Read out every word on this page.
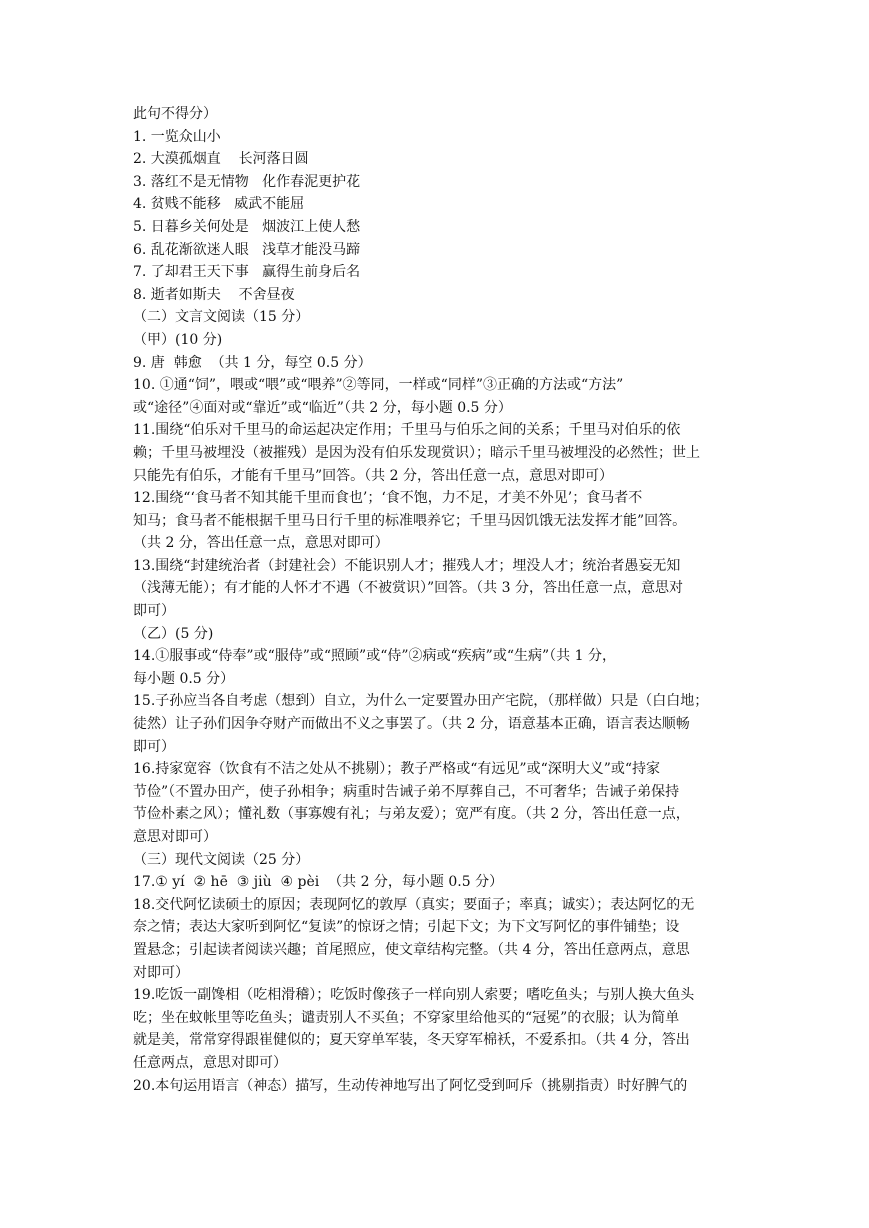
此句不得分）

1. 一览众山小

2. 大漠孤烟直    长河落日圆

3. 落红不是无情物   化作春泥更护花

4. 贫贱不能移   威武不能屈

5. 日暮乡关何处是   烟波江上使人愁

6. 乱花渐欲迷人眼   浅草才能没马蹄

7. 了却君王天下事   赢得生前身后名

8. 逝者如斯夫    不舍昼夜

（二）文言文阅读（15 分）

（甲）(10 分)

9. 唐  韩愈  （共 1 分，每空 0.5 分）

10. ①通“饲”，喂或“喂”或“喂养”②等同，一样或“同样”③正确的方法或“方法”

或“途径”④面对或“靠近”或“临近”（共 2 分，每小题 0.5 分）

11.围绕“伯乐对千里马的命运起决定作用；千里马与伯乐之间的关系；千里马对伯乐的依

赖；千里马被埋没（被摧残）是因为没有伯乐发现赏识）；暗示千里马被埋没的必然性；世上

只能先有伯乐，才能有千里马”回答。（共 2 分，答出任意一点，意思对即可）

12.围绕“‘食马者不知其能千里而食也’；‘食不饱，力不足，才美不外见’；食马者不

知马；食马者不能根据千里马日行千里的标准喂养它；千里马因饥饿无法发挥才能”回答。

（共 2 分，答出任意一点，意思对即可）

13.围绕“封建统治者（封建社会）不能识别人才；摧残人才；埋没人才；统治者愚妄无知

（浅薄无能）；有才能的人怀才不遇（不被赏识）”回答。（共 3 分，答出任意一点，意思对

即可）

（乙）(5 分)

14.①服事或“侍奉”或“服侍”或“照顾”或“侍”②病或“疾病”或“生病”（共 1 分，

每小题 0.5 分）

15.子孙应当各自考虑（想到）自立，为什么一定要置办田产宅院，（那样做）只是（白白地；

徒然）让子孙们因争夺财产而做出不义之事罢了。（共 2 分，语意基本正确，语言表达顺畅

即可）

16.持家宽容（饮食有不洁之处从不挑剔）；教子严格或“有远见”或“深明大义”或“持家

节俭”（不置办田产，使子孙相争；病重时告诫子弟不厚葬自己，不可奢华；告诫子弟保持

节俭朴素之风）；懂礼数（事寡嫂有礼；与弟友爱）；宽严有度。（共 2 分，答出任意一点，

意思对即可）

（三）现代文阅读（25 分）

17.① yí  ② hē  ③ jiù  ④ pèi  （共 2 分，每小题 0.5 分）

18.交代阿忆读硕士的原因；表现阿忆的敦厚（真实；要面子；率真；诚实）；表达阿忆的无

奈之情；表达大家听到阿忆“复读”的惊讶之情；引起下文；为下文写阿忆的事件铺垫；设

置悬念；引起读者阅读兴趣；首尾照应，使文章结构完整。（共 4 分，答出任意两点，意思

对即可）

19.吃饭一副馋相（吃相滑稽）；吃饭时像孩子一样向别人索要；嗜吃鱼头；与别人换大鱼头

吃；坐在蚊帐里等吃鱼头；谴责别人不买鱼；不穿家里给他买的“冠冕”的衣服；认为简单

就是美，常常穿得跟崔健似的；夏天穿单军装，冬天穿军棉袄，不爱系扣。（共 4 分，答出

任意两点，意思对即可）

20.本句运用语言（神态）描写，生动传神地写出了阿忆受到呵斥（挑剔指责）时好脾气的
